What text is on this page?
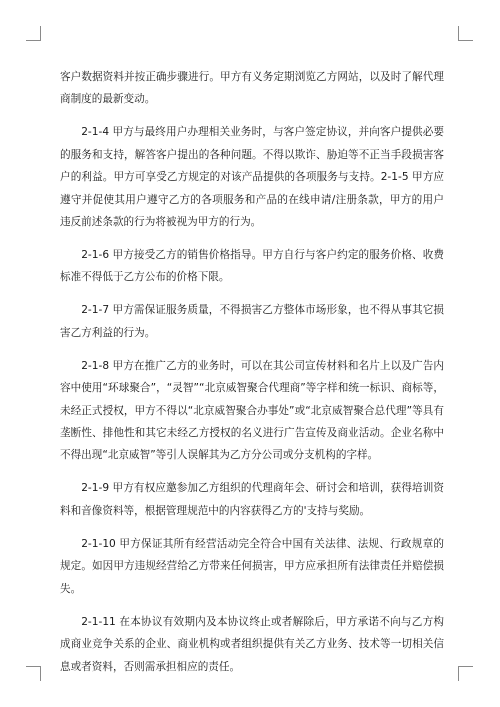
客户数据资料并按正确步骤进行。甲方有义务定期浏览乙方网站，以及时了解代理商制度的最新变动。

2-1-4 甲方与最终用户办理相关业务时，与客户签定协议，并向客户提供必要的服务和支持，解答客户提出的各种问题。不得以欺诈、胁迫等不正当手段损害客户的利益。甲方可享受乙方规定的对该产品提供的各项服务与支持。2-1-5 甲方应遵守并促使其用户遵守乙方的各项服务和产品的在线申请/注册条款，甲方的用户违反前述条款的行为将被视为甲方的行为。

2-1-6 甲方接受乙方的销售价格指导。甲方自行与客户约定的服务价格、收费标准不得低于乙方公布的价格下限。

2-1-7 甲方需保证服务质量，不得损害乙方整体市场形象，也不得从事其它损害乙方利益的行为。

2-1-8 甲方在推广乙方的业务时，可以在其公司宣传材料和名片上以及广告内容中使用“环球聚合”，“灵智”“北京威智聚合代理商”等字样和统一标识、商标等，未经正式授权，甲方不得以“北京威智聚合办事处”或“北京威智聚合总代理”等具有垄断性、排他性和其它未经乙方授权的名义进行广告宣传及商业活动。企业名称中不得出现“北京威智”等引人误解其为乙方分公司或分支机构的字样。

2-1-9 甲方有权应邀参加乙方组织的代理商年会、研讨会和培训，获得培训资料和音像资料等，根据管理规范中的内容获得乙方的'支持与奖励。

2-1-10 甲方保证其所有经营活动完全符合中国有关法律、法规、行政规章的规定。如因甲方违规经营给乙方带来任何损害，甲方应承担所有法律责任并赔偿损失。

2-1-11 在本协议有效期内及本协议终止或者解除后，甲方承诺不向与乙方构成商业竞争关系的企业、商业机构或者组织提供有关乙方业务、技术等一切相关信息或者资料，否则需承担相应的责任。
